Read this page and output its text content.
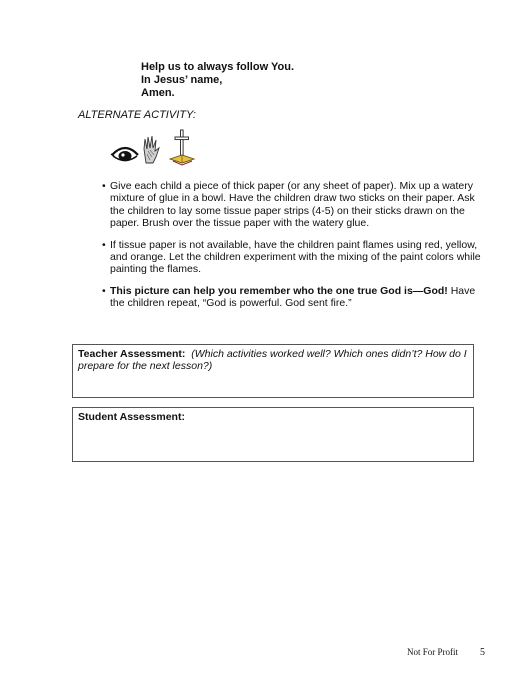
Help us to always follow You.
In Jesus’ name,
Amen.
ALTERNATE ACTIVITY:
• Give each child a piece of thick paper (or any sheet of paper). Mix up a watery mixture of glue in a bowl. Have the children draw two sticks on their paper. Ask the children to lay some tissue paper strips (4-5) on their sticks drawn on the paper. Brush over the tissue paper with the watery glue.
• If tissue paper is not available, have the children paint flames using red, yellow, and orange. Let the children experiment with the mixing of the paint colors while painting the flames.
• This picture can help you remember who the one true God is—God! Have the children repeat, “God is powerful. God sent fire.”
Teacher Assessment: (Which activities worked well? Which ones didn’t? How do I prepare for the next lesson?)
Student Assessment:
Not For Profit 5
